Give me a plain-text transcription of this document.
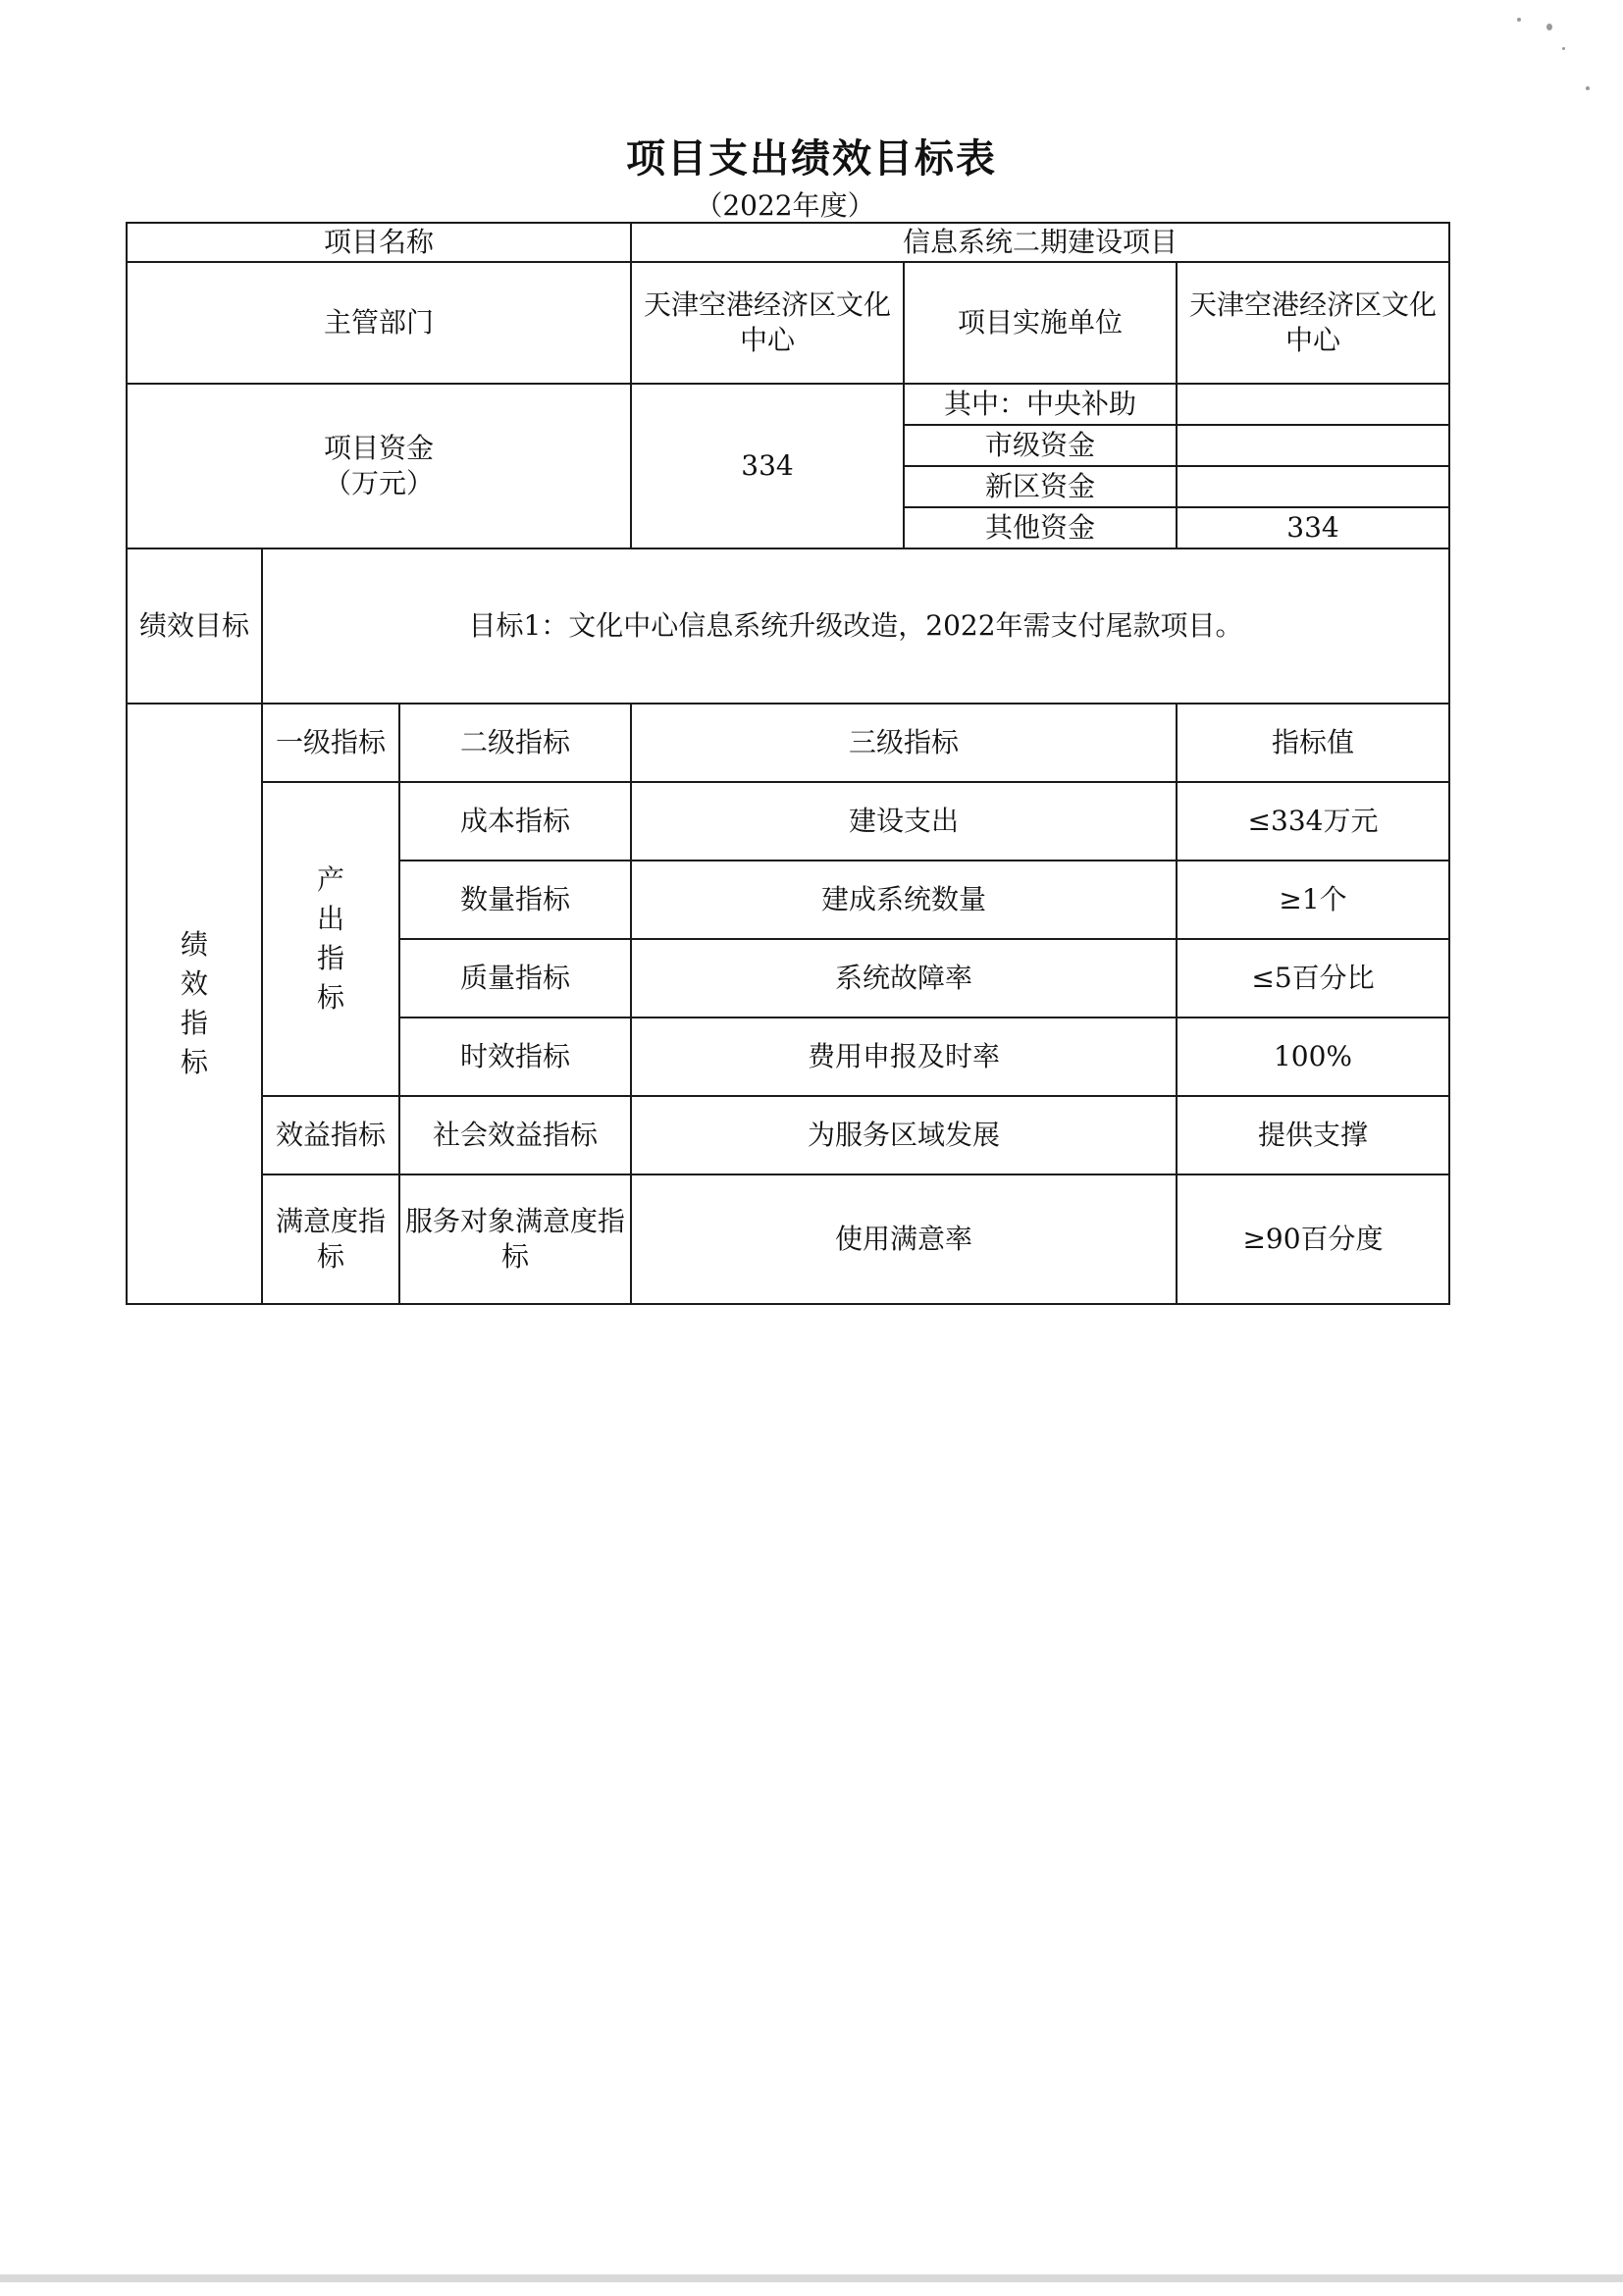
项目支出绩效目标表
（2022年度）
项目名称			信息系统二期建设项目		
主管部门			天津空港经济区文化中心	项目实施单位	天津空港经济区文化中心
项目资金
（万元）			334	其中：中央补助	
				市级资金	
				新区资金	
				其他资金	334
绩效目标	目标1：文化中心信息系统升级改造，2022年需支付尾款项目。				
绩效指标	一级指标	二级指标	三级指标		指标值
	产出指标	成本指标	建设支出		≤334万元
		数量指标	建成系统数量		≥1个
		质量指标	系统故障率		≤5百分比
		时效指标	费用申报及时率		100%
	效益指标	社会效益指标	为服务区域发展		提供支撑
	满意度指标	服务对象满意度指标	使用满意率		≥90百分度
